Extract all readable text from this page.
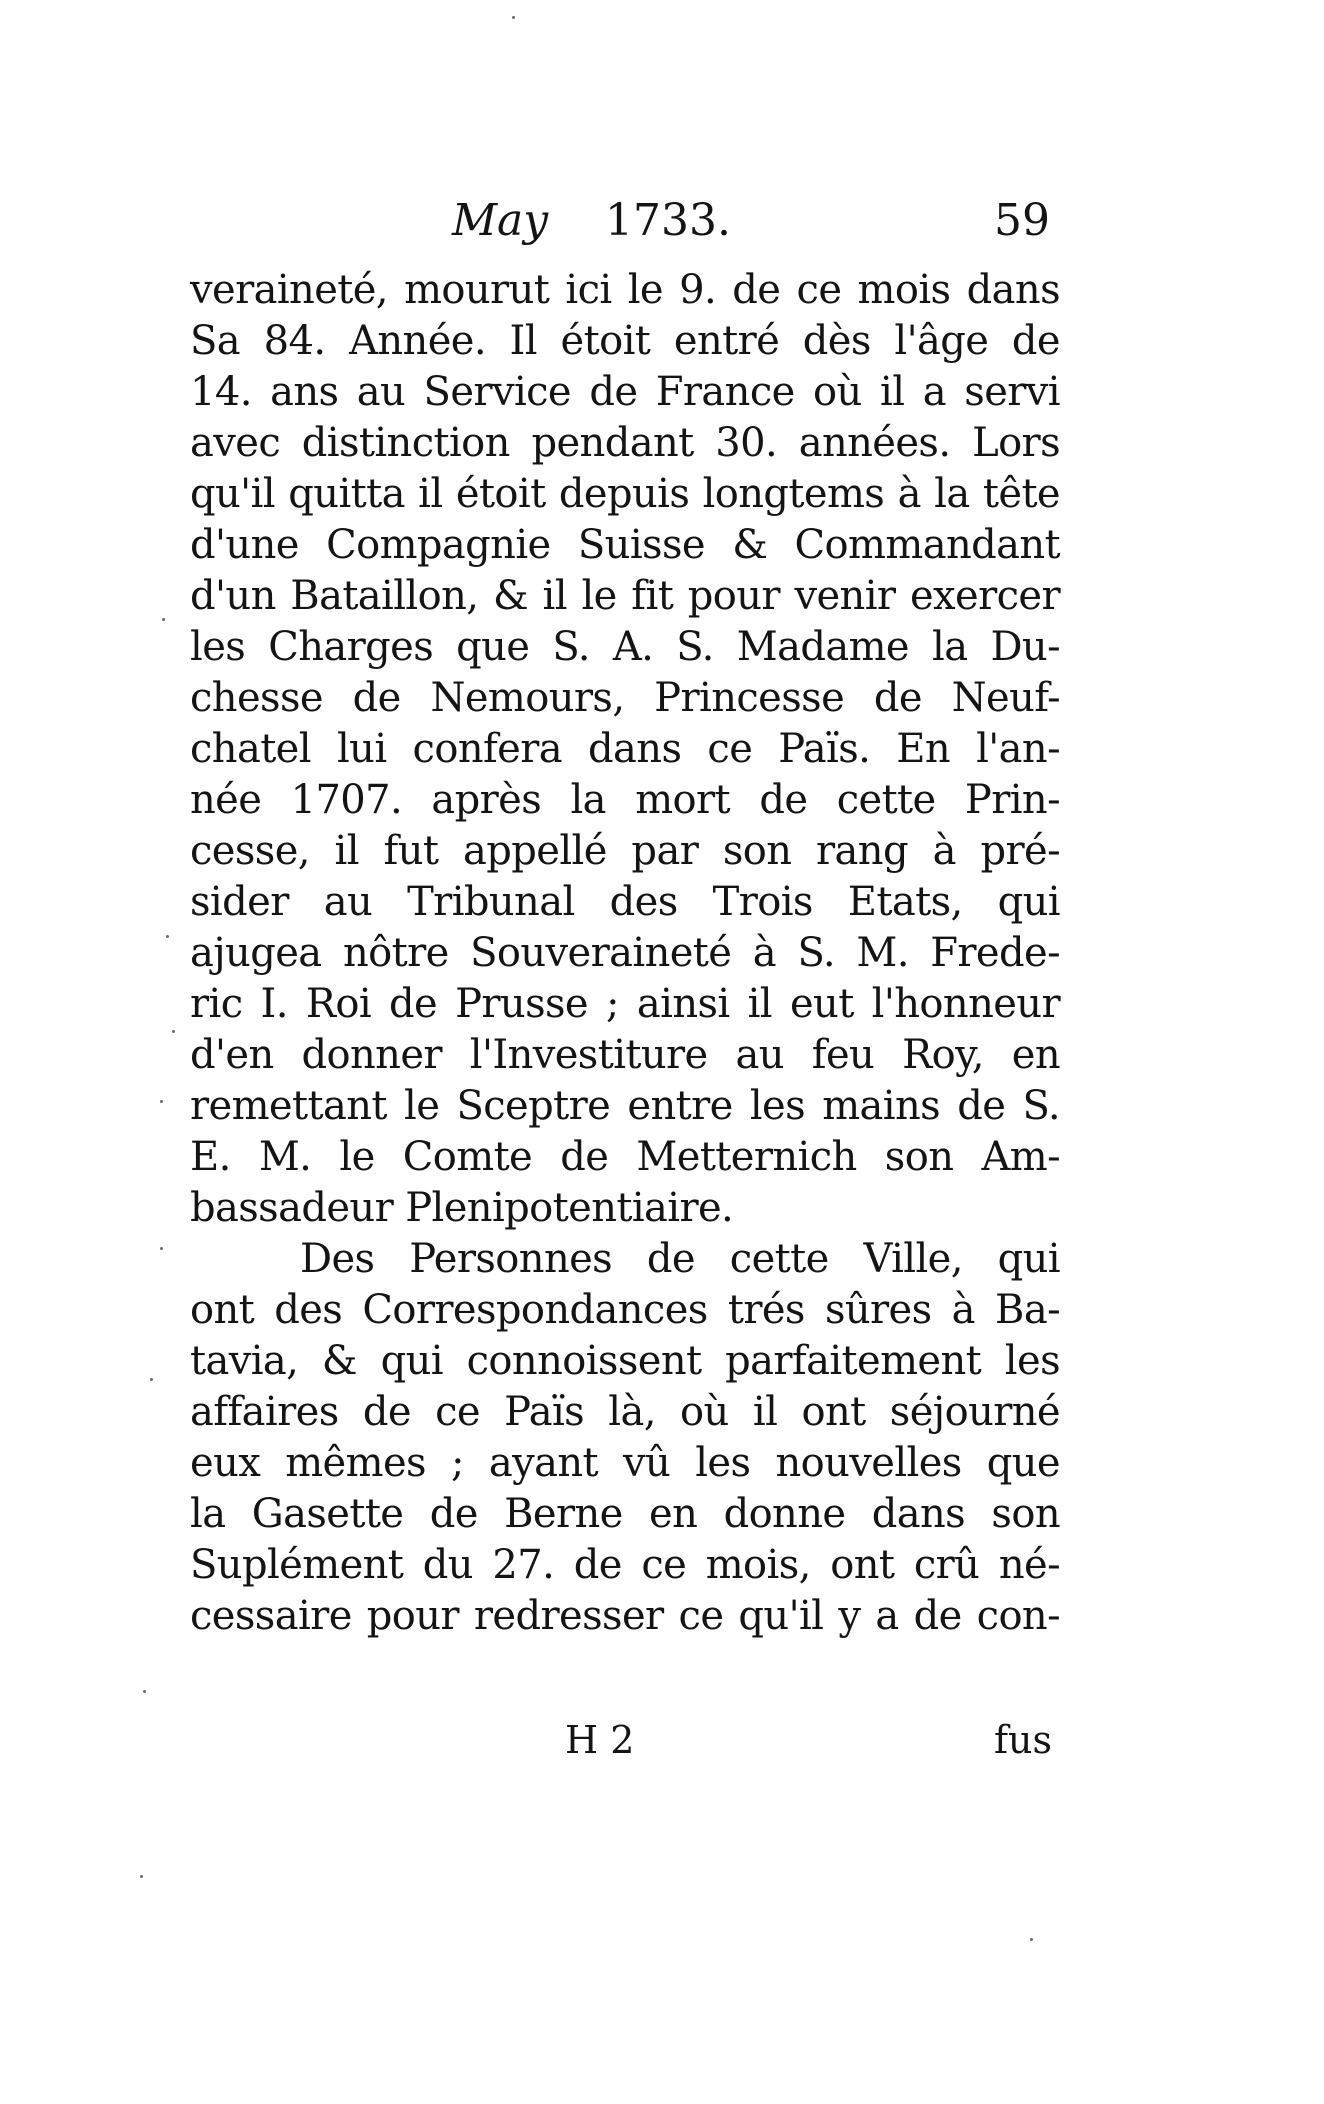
May 1733.	59
veraineté, mourut ici le 9. de ce mois dans
Sa 84. Année. Il étoit entré dès l'âge de
14. ans au Service de France où il a servi
avec distinction pendant 30. années. Lors
qu'il quitta il étoit depuis longtems à la tête
d'une Compagnie Suisse & Commandant
d'un Bataillon, & il le fit pour venir exercer
les Charges que S. A. S. Madame la Du-
chesse de Nemours, Princesse de Neuf-
chatel lui confera dans ce Païs. En l'an-
née 1707. après la mort de cette Prin-
cesse, il fut appellé par son rang à pré-
sider au Tribunal des Trois Etats, qui
ajugea nôtre Souveraineté à S. M. Frede-
ric I. Roi de Prusse ; ainsi il eut l'honneur
d'en donner l'Investiture au feu Roy, en
remettant le Sceptre entre les mains de S.
E. M. le Comte de Metternich son Am-
bassadeur Plenipotentiaire.
Des Personnes de cette Ville, qui
ont des Correspondances trés sûres à Ba-
tavia, & qui connoissent parfaitement les
affaires de ce Païs là, où il ont séjourné
eux mêmes ; ayant vû les nouvelles que
la Gasette de Berne en donne dans son
Suplément du 27. de ce mois, ont crû né-
cessaire pour redresser ce qu'il y a de con-
H 2	fus
